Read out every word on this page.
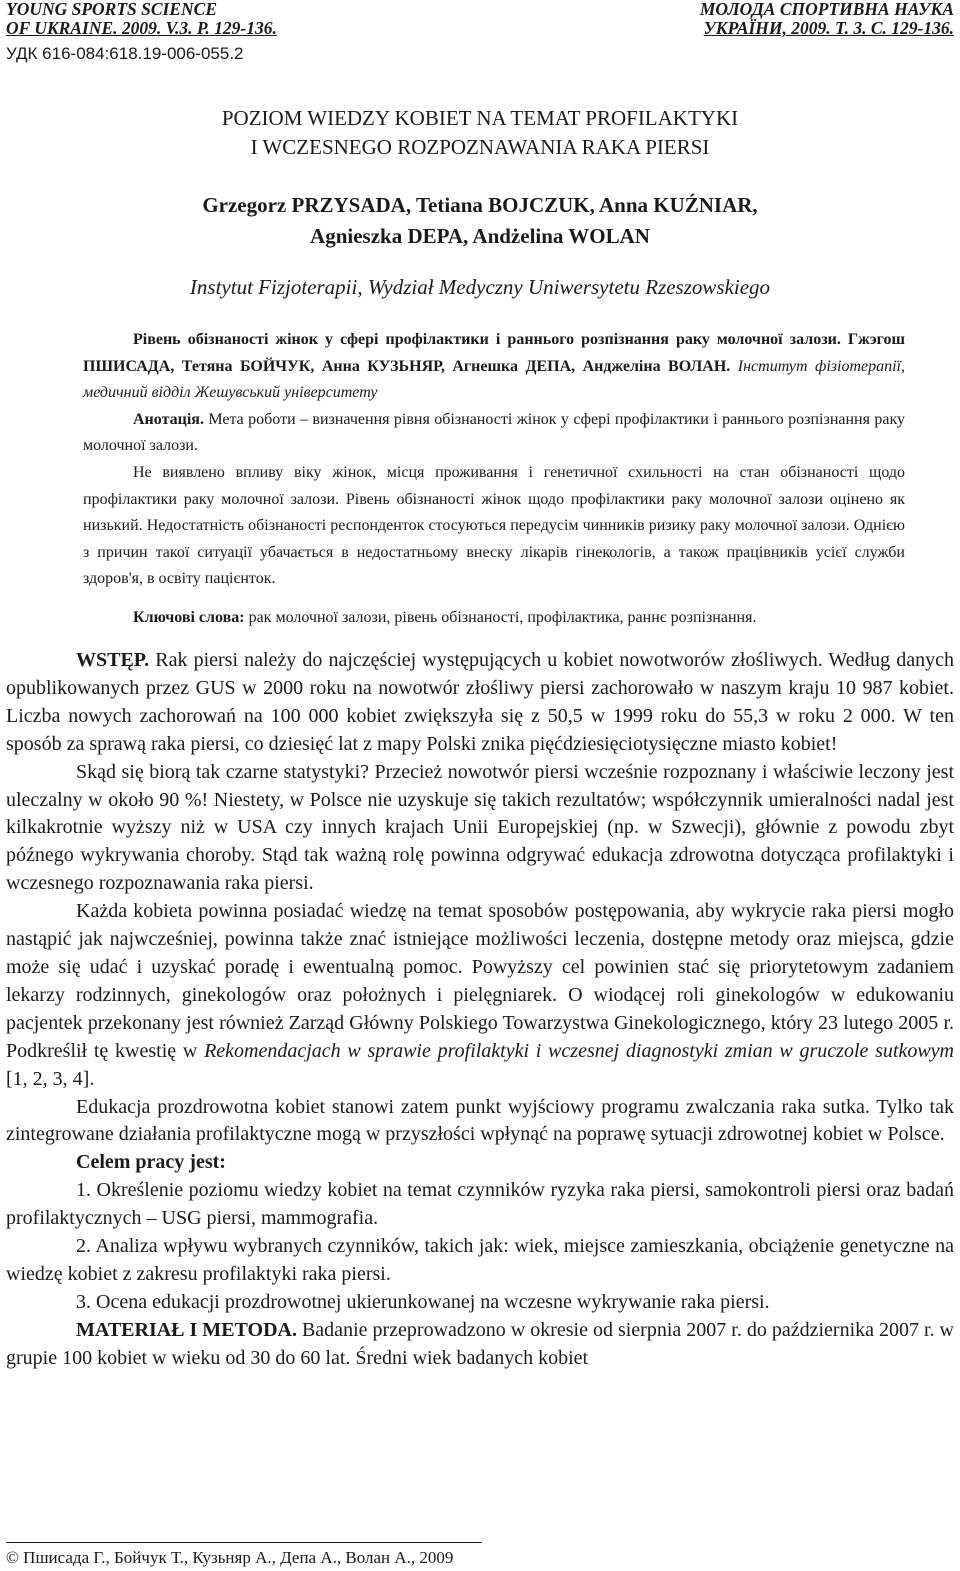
YOUNG SPORTS SCIENCE
OF UKRAINE. 2009. V.3. P. 129-136.
МОЛОДА СПОРТИВНА НАУКА
УКРАЇНИ, 2009. Т. 3. С. 129-136.
УДК 616-084:618.19-006-055.2
POZIOM WIEDZY KOBIET NA TEMAT PROFILAKTYKI
I WCZESNEGO ROZPOZNAWANIA RAKA PIERSI
Grzegorz PRZYSADA, Tetiana BOJCZUK, Anna KUŹNIAR,
Agnieszka DEPA, Andżelina WOLAN
Instytut Fizjoterapii, Wydział Medyczny Uniwersytetu Rzeszowskiego

Рівень обізнаності жінок у сфері профілактики і раннього розпізнання раку молочної залози. Гжэгош ПШИСАДА, Тетяна БОЙЧУК, Анна КУЗЬНЯР, Агнешка ДЕПА, Анджеліна ВОЛАН. Інститут фізіотерапії, медичний відділ Жешувський університету

Анотація. Мета роботи – визначення рівня обізнаності жінок у сфері профілактики і раннього розпізнання раку молочної залози.

Не виявлено впливу віку жінок, місця проживання і генетичної схильності на стан обізнаності щодо профілактики раку молочної залози. Рівень обізнаності жінок щодо профілактики раку молочної залози оцінено як низький. Недостатність обізнаності респонденток стосуються передусім чинників ризику раку молочної залози. Однією з причин такої ситуації убачається в недостатньому внеску лікарів гінекологів, а також працівників усієї служби здоров'я, в освіту пацієнток.

Ключові слова: рак молочної залози, рівень обізнаності, профілактика, раннє розпізнання.

WSTĘP. Rak piersi należy do najczęściej występujących u kobiet nowotworów złośliwych. Według danych opublikowanych przez GUS w 2000 roku na nowotwór złośliwy piersi zachorowało w naszym kraju 10 987 kobiet. Liczba nowych zachorowań na 100 000 kobiet zwiększyła się z 50,5 w 1999 roku do 55,3 w roku 2 000. W ten sposób za sprawą raka piersi, co dziesięć lat z mapy Polski znika pięćdziesięciotysięczne miasto kobiet!

Skąd się biorą tak czarne statystyki? Przecież nowotwór piersi wcześnie rozpoznany i właściwie leczony jest uleczalny w około 90 %! Niestety, w Polsce nie uzyskuje się takich rezultatów; współczynnik umieralności nadal jest kilkakrotnie wyższy niż w USA czy innych krajach Unii Europejskiej (np. w Szwecji), głównie z powodu zbyt późnego wykrywania choroby. Stąd tak ważną rolę powinna odgrywać edukacja zdrowotna dotycząca profilaktyki i wczesnego rozpoznawania raka piersi.

Każda kobieta powinna posiadać wiedzę na temat sposobów postępowania, aby wykrycie raka piersi mogło nastąpić jak najwcześniej, powinna także znać istniejące możliwości leczenia, dostępne metody oraz miejsca, gdzie może się udać i uzyskać poradę i ewentualną pomoc. Powyższy cel powinien stać się priorytetowym zadaniem lekarzy rodzinnych, ginekologów oraz położnych i pielęgniarek. O wiodącej roli ginekologów w edukowaniu pacjentek przekonany jest również Zarząd Główny Polskiego Towarzystwa Ginekologicznego, który 23 lutego 2005 r. Podkreślił tę kwestię w Rekomendacjach w sprawie profilaktyki i wczesnej diagnostyki zmian w gruczole sutkowym [1, 2, 3, 4].

Edukacja prozdrowotna kobiet stanowi zatem punkt wyjściowy programu zwalczania raka sutka. Tylko tak zintegrowane działania profilaktyczne mogą w przyszłości wpłynąć na poprawę sytuacji zdrowotnej kobiet w Polsce.

Celem pracy jest:

1. Określenie poziomu wiedzy kobiet na temat czynników ryzyka raka piersi, samokontroli piersi oraz badań profilaktycznych – USG piersi, mammografia.

2. Analiza wpływu wybranych czynników, takich jak: wiek, miejsce zamieszkania, obciążenie genetyczne na wiedzę kobiet z zakresu profilaktyki raka piersi.

3. Ocena edukacji prozdrowotnej ukierunkowanej na wczesne wykrywanie raka piersi.

MATERIAŁ I METODA. Badanie przeprowadzono w okresie od sierpnia 2007 r. do października 2007 r. w grupie 100 kobiet w wieku od 30 do 60 lat. Średni wiek badanych kobiet

© Пшисада Г., Бойчук Т., Кузьняр А., Депа А., Волан А., 2009
